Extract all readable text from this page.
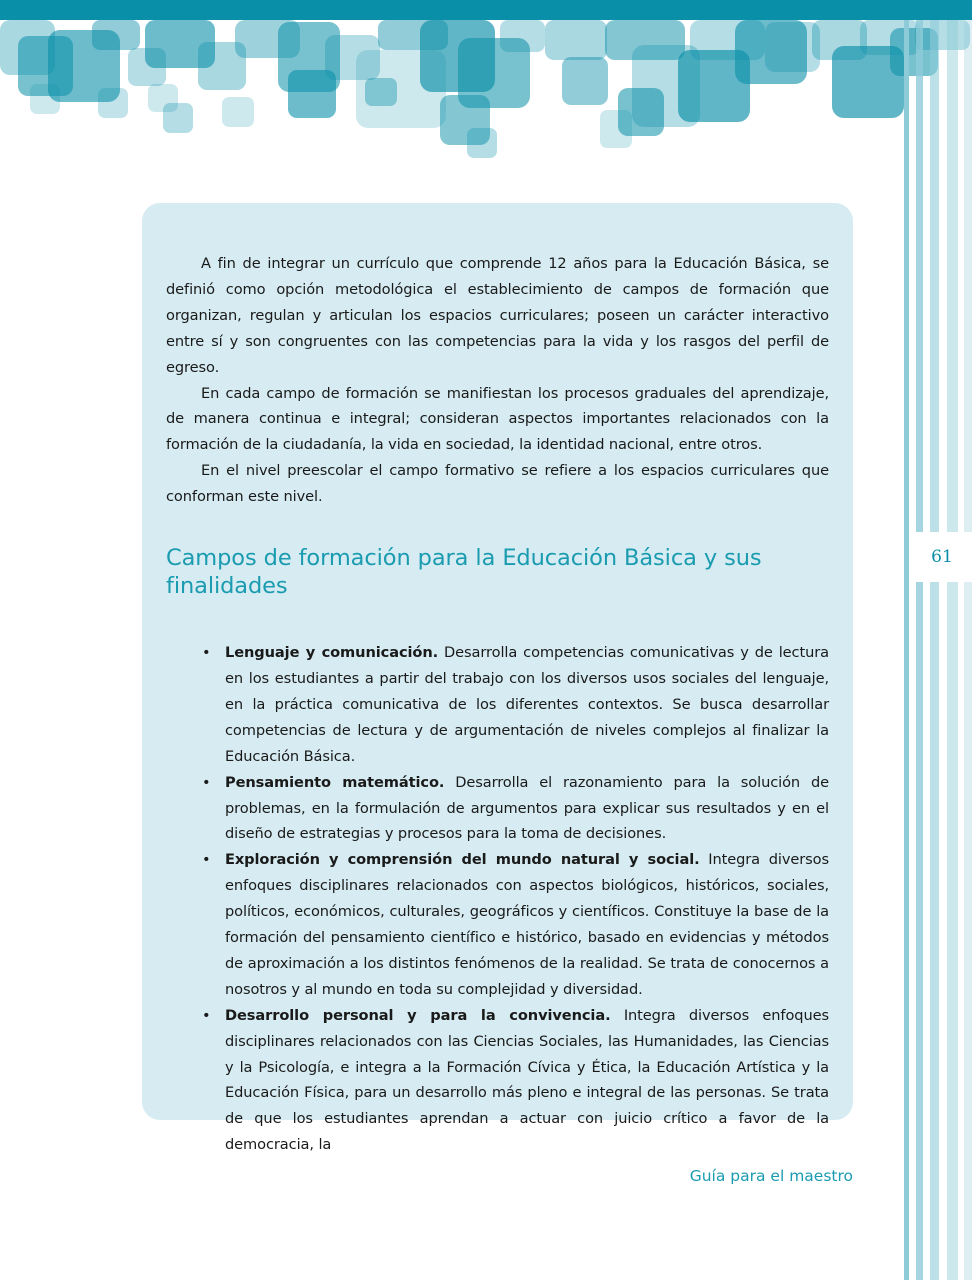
61

A fin de integrar un currículo que comprende 12 años para la Educación Básica, se definió como opción metodológica el establecimiento de campos de formación que organizan, regulan y articulan los espacios curriculares; poseen un carácter interactivo entre sí y son congruentes con las competencias para la vida y los rasgos del perfil de egreso.

En cada campo de formación se manifiestan los procesos graduales del aprendizaje, de manera continua e integral; consideran aspectos importantes relacionados con la formación de la ciudadanía, la vida en sociedad, la identidad nacional, entre otros.

En el nivel preescolar el campo formativo se refiere a los espacios curriculares que conforman este nivel.

Campos de formación para la Educación Básica y sus finalidades
• Lenguaje y comunicación. Desarrolla competencias comunicativas y de lectura en los estudiantes a partir del trabajo con los diversos usos sociales del lenguaje, en la práctica comunicativa de los diferentes contextos. Se busca desarrollar competencias de lectura y de argumentación de niveles complejos al finalizar la Educación Básica.
• Pensamiento matemático. Desarrolla el razonamiento para la solución de problemas, en la formulación de argumentos para explicar sus resultados y en el diseño de estrategias y procesos para la toma de decisiones.
• Exploración y comprensión del mundo natural y social. Integra diversos enfoques disciplinares relacionados con aspectos biológicos, históricos, sociales, políticos, económicos, culturales, geográficos y científicos. Constituye la base de la formación del pensamiento científico e histórico, basado en evidencias y métodos de aproximación a los distintos fenómenos de la realidad. Se trata de conocernos a nosotros y al mundo en toda su complejidad y diversidad.
• Desarrollo personal y para la convivencia. Integra diversos enfoques disciplinares relacionados con las Ciencias Sociales, las Humanidades, las Ciencias y la Psicología, e integra a la Formación Cívica y Ética, la Educación Artística y la Educación Física, para un desarrollo más pleno e integral de las personas. Se trata de que los estudiantes aprendan a actuar con juicio crítico a favor de la democracia, la
Guía para el maestro
